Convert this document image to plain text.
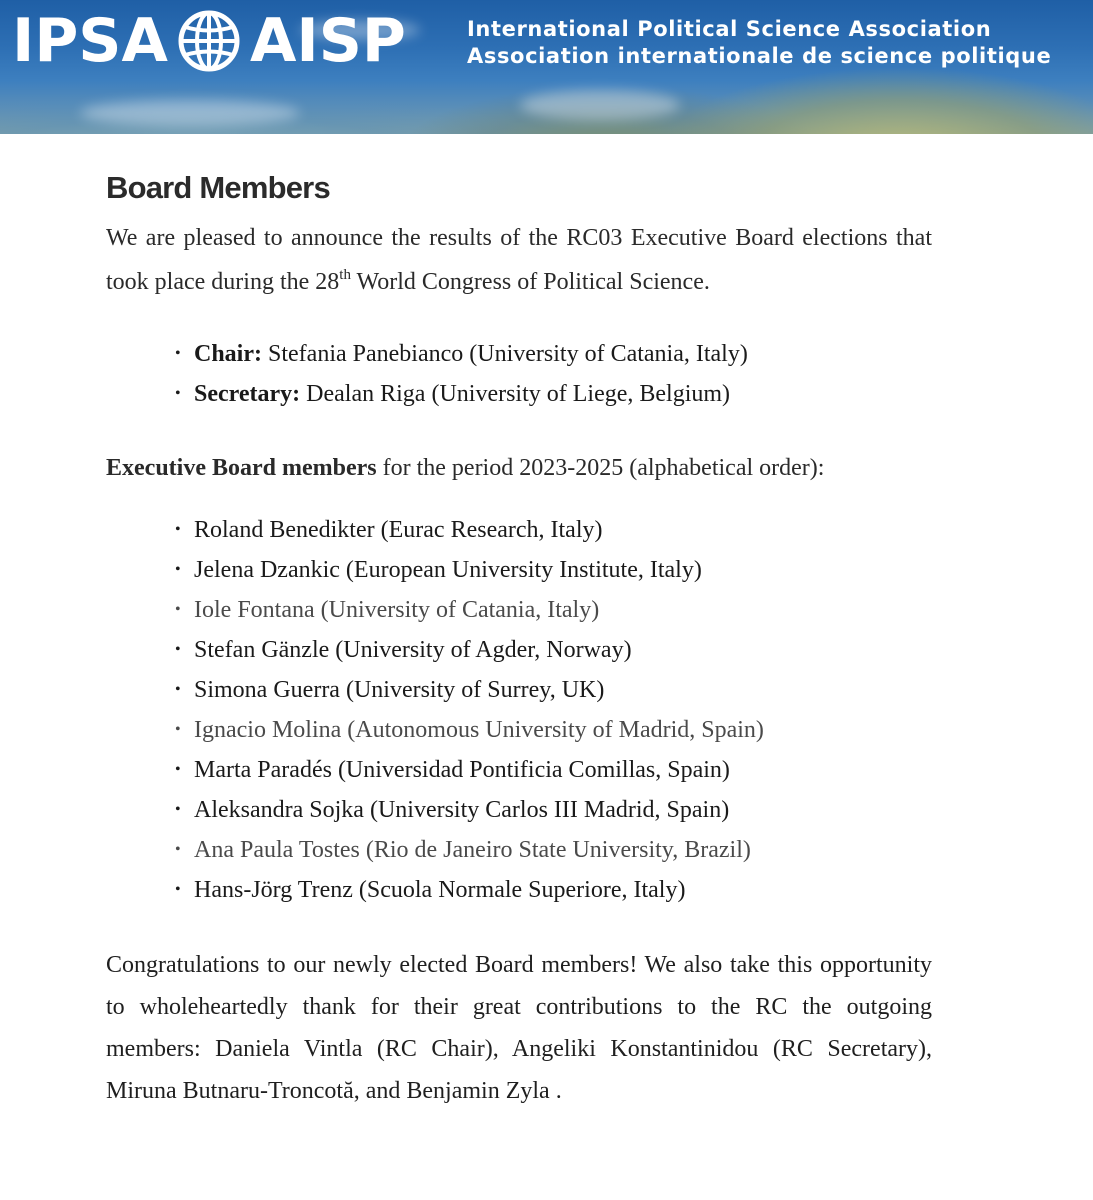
IPSA AISP	International Political Science Association
Association internationale de science politique
Board Members

We are pleased to announce the results of the RC03 Executive Board elections that took place during the 28th World Congress of Political Science.

• Chair: Stefania Panebianco (University of Catania, Italy)
• Secretary: Dealan Riga (University of Liege, Belgium)

Executive Board members for the period 2023-2025 (alphabetical order):

• Roland Benedikter (Eurac Research, Italy)
• Jelena Dzankic (European University Institute, Italy)
• Iole Fontana (University of Catania, Italy)
• Stefan Gänzle (University of Agder, Norway)
• Simona Guerra (University of Surrey, UK)
• Ignacio Molina (Autonomous University of Madrid, Spain)
• Marta Paradés (Universidad Pontificia Comillas, Spain)
• Aleksandra Sojka (University Carlos III Madrid, Spain)
• Ana Paula Tostes (Rio de Janeiro State University, Brazil)
• Hans-Jörg Trenz (Scuola Normale Superiore, Italy)

Congratulations to our newly elected Board members! We also take this opportunity to wholeheartedly thank for their great contributions to the RC the outgoing members: Daniela Vintla (RC Chair), Angeliki Konstantinidou (RC Secretary), Miruna Butnaru-Troncotă, and Benjamin Zyla .
